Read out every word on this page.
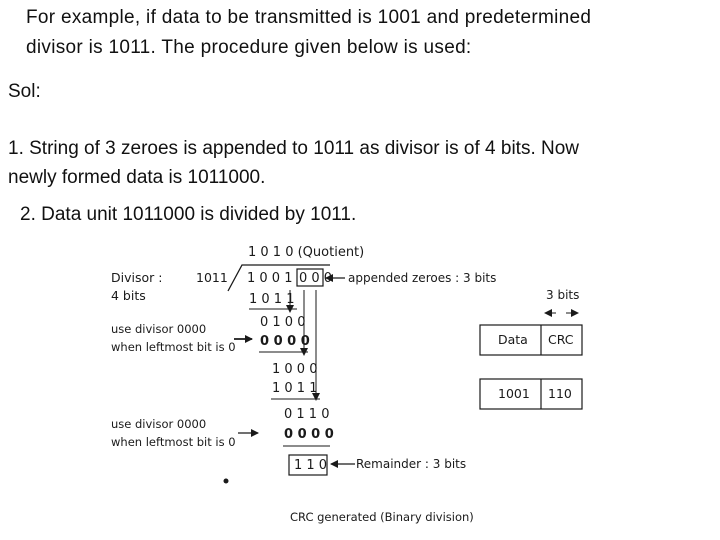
For example, if data to be transmitted is 1001 and predetermined
divisor is 1011. The procedure given below is used:
Sol:
1. String of 3 zeroes is appended to 1011 as divisor is of 4 bits. Now
newly formed data is 1011000.
2. Data unit 1011000 is divided by 1011.
1 0 1 0 (Quotient)
Divisor :
4 bits
1011 1 0 0 1 0 0 0 appended zeroes : 3 bits
1 0 1 1
0 1 0 0
0 0 0 0
1 0 0 0
1 0 1 1
0 1 1 0
0 0 0 0
use divisor 0000
when leftmost bit is 0
use divisor 0000
when leftmost bit is 0
1 1 0 Remainder : 3 bits
CRC generated (Binary division)
3 bits
Data CRC
1001 110
